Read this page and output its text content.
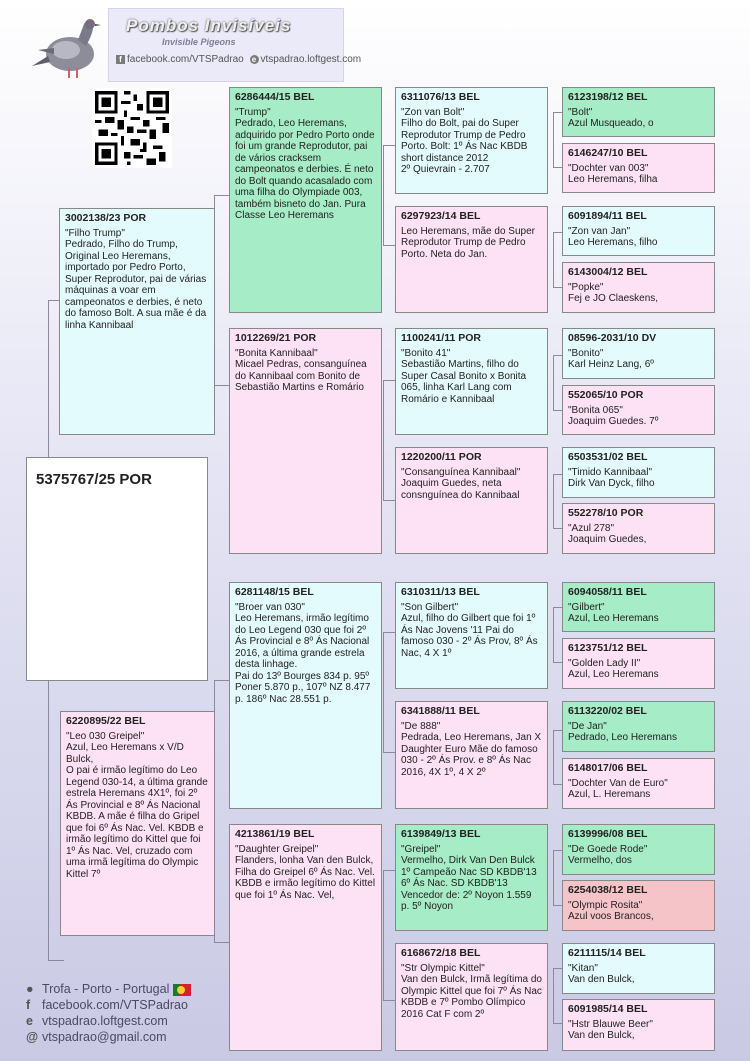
Pombos Invisíveis
Invisible Pigeons
f facebook.com/VTSPadrao e vtspadrao.loftgest.com
5375767/25 POR
3002138/23 POR
"Filho Trump"
Pedrado, Filho do Trump, Original Leo Heremans, importado por Pedro Porto, Super Reprodutor, pai de várias máquinas a voar em campeonatos e derbies, é neto do famoso Bolt. A sua mãe é da linha Kannibaal
6220895/22 BEL
"Leo 030 Greipel"
Azul, Leo Heremans x V/D Bulck,
O pai é irmão legítimo do Leo Legend 030-14, a última grande estrela Heremans 4X1º, foi 2º Ás Provincial e 8º Ás Nacional KBDB. A mãe é filha do Gripel que foi 6º Ás Nac. Vel. KBDB e irmão legítimo do Kittel que foi 1º Ás Nac. Vel, cruzado com uma irmã legítima do Olympic Kittel 7º
6286444/15 BEL
"Trump"
Pedrado, Leo Heremans, adquirido por Pedro Porto onde foi um grande Reprodutor, pai de vários cracksem campeonatos e derbies. É neto do Bolt quando acasalado com uma filha do Olympiade 003, também bisneto do Jan. Pura Classe Leo Heremans
1012269/21 POR
"Bonita Kannibaal"
Micael Pedras, consanguínea do Kannibaal com Bonito de Sebastião Martins e Romário
6281148/15 BEL
"Broer van 030"
Leo Heremans, irmão legítimo do Leo Legend 030 que foi 2º Ás Provincial e 8º Ás Nacional 2016, a última grande estrela desta linhage.
Pai do 13º Bourges 834 p. 95º Poner 5.870 p., 107º NZ 8.477 p. 186º Nac 28.551 p.
4213861/19 BEL
"Daughter Greipel"
Flanders, lonha Van den Bulck,
Filha do Greipel 6º Ás Nac. Vel. KBDB e irmão legítimo do Kittel que foi 1º Ás Nac. Vel,
6311076/13 BEL
"Zon van Bolt"
Filho do Bolt, pai do Super Reprodutor Trump de Pedro Porto. Bolt: 1º Ás Nac KBDB short distance 2012
2º Quievrain - 2.707
6297923/14 BEL
Leo Heremans, mãe do Super Reprodutor Trump de Pedro Porto. Neta do Jan.
1100241/11 POR
"Bonito 41"
Sebastião Martins, filho do Super Casal Bonito x Bonita 065, linha Karl Lang com Romário e Kannibaal
1220200/11 POR
"Consanguínea Kannibaal"
Joaquim Guedes, neta consnguínea do Kannibaal
6310311/13 BEL
"Son Gilbert"
Azul, filho do Gilbert que foi 1º Ás Nac Jovens '11 Pai do famoso 030 - 2º Ás Prov, 8º Ás Nac, 4 X 1º
6341888/11 BEL
"De 888"
Pedrada, Leo Heremans, Jan X Daughter Euro Mãe do famoso 030 - 2º Ás Prov. e 8º Ás Nac 2016, 4X 1º, 4 X 2º
6139849/13 BEL
"Greipel"
Vermelho, Dirk Van Den Bulck 1º Campeão Nac SD KBDB'13 6º Ás Nac. SD KBDB'13
Vencedor de: 2º Noyon 1.559 p. 5º Noyon
6168672/18 BEL
"Str Olympic Kittel"
Van den Bulck, Irmã legítima do Olympic Kittel que foi 7º Ás Nac KBDB e 7º Pombo Olímpico 2016 Cat F com 2º
6123198/12 BEL
"Bolt"
Azul Musqueado, o
6146247/10 BEL
"Dochter van 003"
Leo Heremans, filha
6091894/11 BEL
"Zon van Jan"
Leo Heremans, filho
6143004/12 BEL
"Popke"
Fej e JO Claeskens,
08596-2031/10 DV
"Bonito"
Karl Heinz Lang, 6º
552065/10 POR
"Bonita 065"
Joaquim Guedes. 7º
6503531/02 BEL
"Timido Kannibaal"
Dirk Van Dyck, filho
552278/10 POR
"Azul 278"
Joaquim Guedes,
6094058/11 BEL
"Gilbert"
Azul, Leo Heremans
6123751/12 BEL
"Golden Lady II"
Azul, Leo Heremans
6113220/02 BEL
"De Jan"
Pedrado, Leo Heremans
6148017/06 BEL
"Dochter Van de Euro"
Azul, L. Heremans
6139996/08 BEL
"De Goede Rode"
Vermelho, dos
6254038/12 BEL
"Olympic Rosita"
Azul voos Brancos,
6211115/14 BEL
"Kitan"
Van den Bulck,
6091985/14 BEL
"Hstr Blauwe Beer"
Van den Bulck,
● Trofa - Porto - Portugal
f facebook.com/VTSPadrao
e vtspadrao.loftgest.com
@ vtspadrao@gmail.com
